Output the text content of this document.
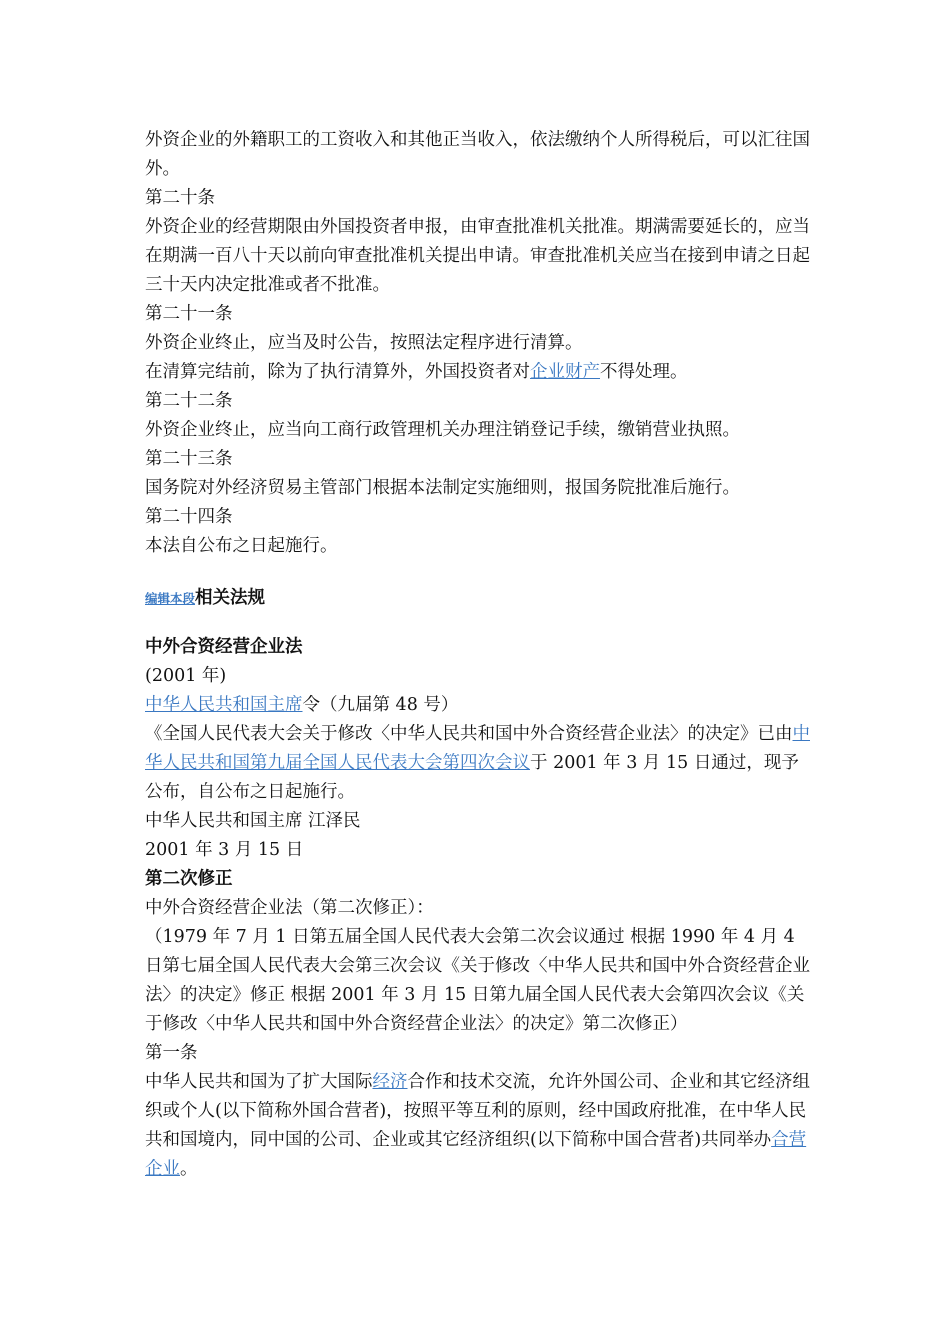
外资企业的外籍职工的工资收入和其他正当收入，依法缴纳个人所得税后，可以汇往国外。

第二十条

外资企业的经营期限由外国投资者申报，由审查批准机关批准。期满需要延长的，应当在期满一百八十天以前向审查批准机关提出申请。审查批准机关应当在接到申请之日起三十天内决定批准或者不批准。

第二十一条

外资企业终止，应当及时公告，按照法定程序进行清算。

在清算完结前，除为了执行清算外，外国投资者对企业财产不得处理。

第二十二条

外资企业终止，应当向工商行政管理机关办理注销登记手续，缴销营业执照。

第二十三条

国务院对外经济贸易主管部门根据本法制定实施细则，报国务院批准后施行。

第二十四条

本法自公布之日起施行。

编辑本段相关法规

中外合资经营企业法

(2001 年)

中华人民共和国主席令（九届第 48 号）

《全国人民代表大会关于修改〈中华人民共和国中外合资经营企业法〉的决定》已由中华人民共和国第九届全国人民代表大会第四次会议于 2001 年 3 月 15 日通过，现予公布，自公布之日起施行。

中华人民共和国主席 江泽民

2001 年 3 月 15 日

第二次修正

中外合资经营企业法（第二次修正）：

（1979 年 7 月 1 日第五届全国人民代表大会第二次会议通过 根据 1990 年 4 月 4 日第七届全国人民代表大会第三次会议《关于修改〈中华人民共和国中外合资经营企业法〉的决定》修正 根据 2001 年 3 月 15 日第九届全国人民代表大会第四次会议《关于修改〈中华人民共和国中外合资经营企业法〉的决定》第二次修正）

第一条

中华人民共和国为了扩大国际经济合作和技术交流，允许外国公司、企业和其它经济组织或个人(以下简称外国合营者)，按照平等互利的原则，经中国政府批准，在中华人民共和国境内，同中国的公司、企业或其它经济组织(以下简称中国合营者)共同举办合营企业。
